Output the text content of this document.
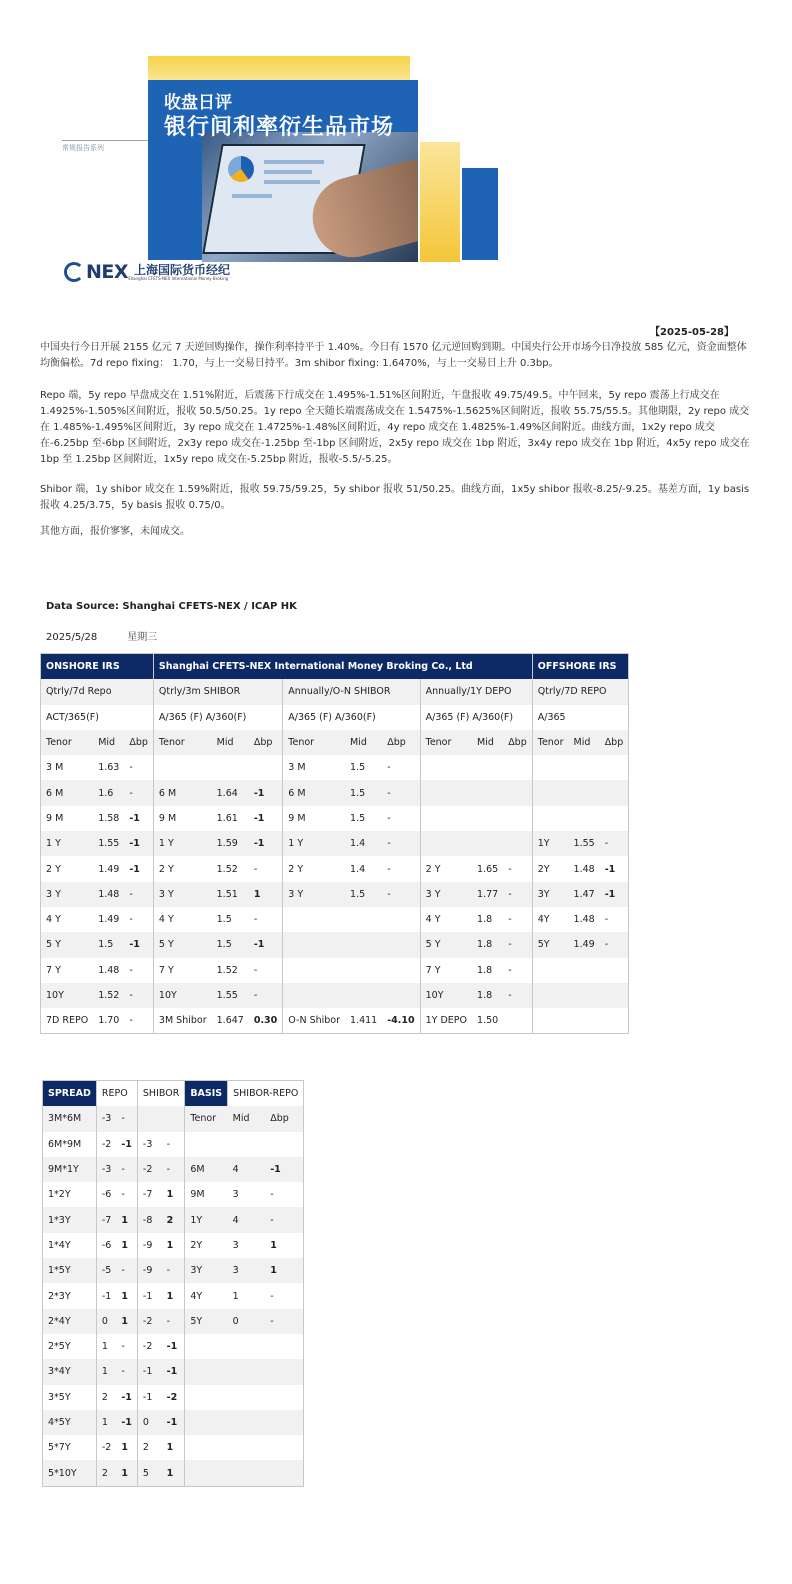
收盘日评
银行间利率衍生品市场
常规报告系列
NEX 上海国际货币经纪
Shanghai CFETS-NEX International Money Broking
【2025-05-28】

中国央行今日开展 2155 亿元 7 天逆回购操作，操作利率持平于 1.40%。今日有 1570 亿元逆回购到期。中国央行公开市场今日净投放 585 亿元，资金面整体均衡偏松。7d repo fixing： 1.70，与上一交易日持平。3m shibor fixing: 1.6470%，与上一交易日上升 0.3bp。

Repo 端，5y repo 早盘成交在 1.51%附近，后震荡下行成交在 1.495%-1.51%区间附近，午盘报收 49.75/49.5。中午回来，5y repo 震荡上行成交在 1.4925%-1.505%区间附近，报收 50.5/50.25。1y repo 全天随长端震荡成交在 1.5475%-1.5625%区间附近，报收 55.75/55.5。其他期限，2y repo 成交在 1.485%-1.495%区间附近，3y repo 成交在 1.4725%-1.48%区间附近，4y repo 成交在 1.4825%-1.49%区间附近。曲线方面，1x2y repo 成交在-6.25bp 至-6bp 区间附近，2x3y repo 成交在-1.25bp 至-1bp 区间附近，2x5y repo 成交在 1bp 附近，3x4y repo 成交在 1bp 附近，4x5y repo 成交在 1bp 至 1.25bp 区间附近，1x5y repo 成交在-5.25bp 附近，报收-5.5/-5.25。

Shibor 端，1y shibor 成交在 1.59%附近，报收 59.75/59.25，5y shibor 报收 51/50.25。曲线方面，1x5y shibor 报收-8.25/-9.25。基差方面，1y basis 报收 4.25/3.75，5y basis 报收 0.75/0。

其他方面，报价寥寥，未闻成交。

Data Source: Shanghai CFETS-NEX / ICAP HK
2025/5/28	星期三
ONSHORE IRS			Shanghai CFETS-NEX International Money Broking Co., Ltd									OFFSHORE IRS		
Qtrly/7d Repo			Qtrly/3m SHIBOR			Annually/O-N SHIBOR			Annually/1Y DEPO			Qtrly/7D REPO		
ACT/365(F)			A/365 (F) A/360(F)			A/365 (F) A/360(F)			A/365 (F) A/360(F)			A/365		
Tenor	Mid	Δbp	Tenor	Mid	Δbp	Tenor	Mid	Δbp	Tenor	Mid	Δbp	Tenor	Mid	Δbp
3 M	1.63	-				3 M	1.5	-						
6 M	1.6	-	6 M	1.64	-1	6 M	1.5	-						
9 M	1.58	-1	9 M	1.61	-1	9 M	1.5	-						
1 Y	1.55	-1	1 Y	1.59	-1	1 Y	1.4	-				1Y	1.55	-
2 Y	1.49	-1	2 Y	1.52	-	2 Y	1.4	-	2 Y	1.65	-	2Y	1.48	-1
3 Y	1.48	-	3 Y	1.51	1	3 Y	1.5	-	3 Y	1.77	-	3Y	1.47	-1
4 Y	1.49	-	4 Y	1.5	-				4 Y	1.8	-	4Y	1.48	-
5 Y	1.5	-1	5 Y	1.5	-1				5 Y	1.8	-	5Y	1.49	-
7 Y	1.48	-	7 Y	1.52	-				7 Y	1.8	-			
10Y	1.52	-	10Y	1.55	-				10Y	1.8	-			
7D REPO	1.70	-	3M Shibor	1.647	0.30	O-N Shibor	1.411	-4.10	1Y DEPO	1.50				
SPREAD	REPO		SHIBOR		BASIS	SHIBOR-REPO	
3M*6M	-3	-			Tenor	Mid	Δbp
6M*9M	-2	-1	-3	-			
9M*1Y	-3	-	-2	-	6M	4	-1
1*2Y	-6	-	-7	1	9M	3	-
1*3Y	-7	1	-8	2	1Y	4	-
1*4Y	-6	1	-9	1	2Y	3	1
1*5Y	-5	-	-9	-	3Y	3	1
2*3Y	-1	1	-1	1	4Y	1	-
2*4Y	0	1	-2	-	5Y	0	-
2*5Y	1	-	-2	-1			
3*4Y	1	-	-1	-1			
3*5Y	2	-1	-1	-2			
4*5Y	1	-1	0	-1			
5*7Y	-2	1	2	1			
5*10Y	2	1	5	1			
